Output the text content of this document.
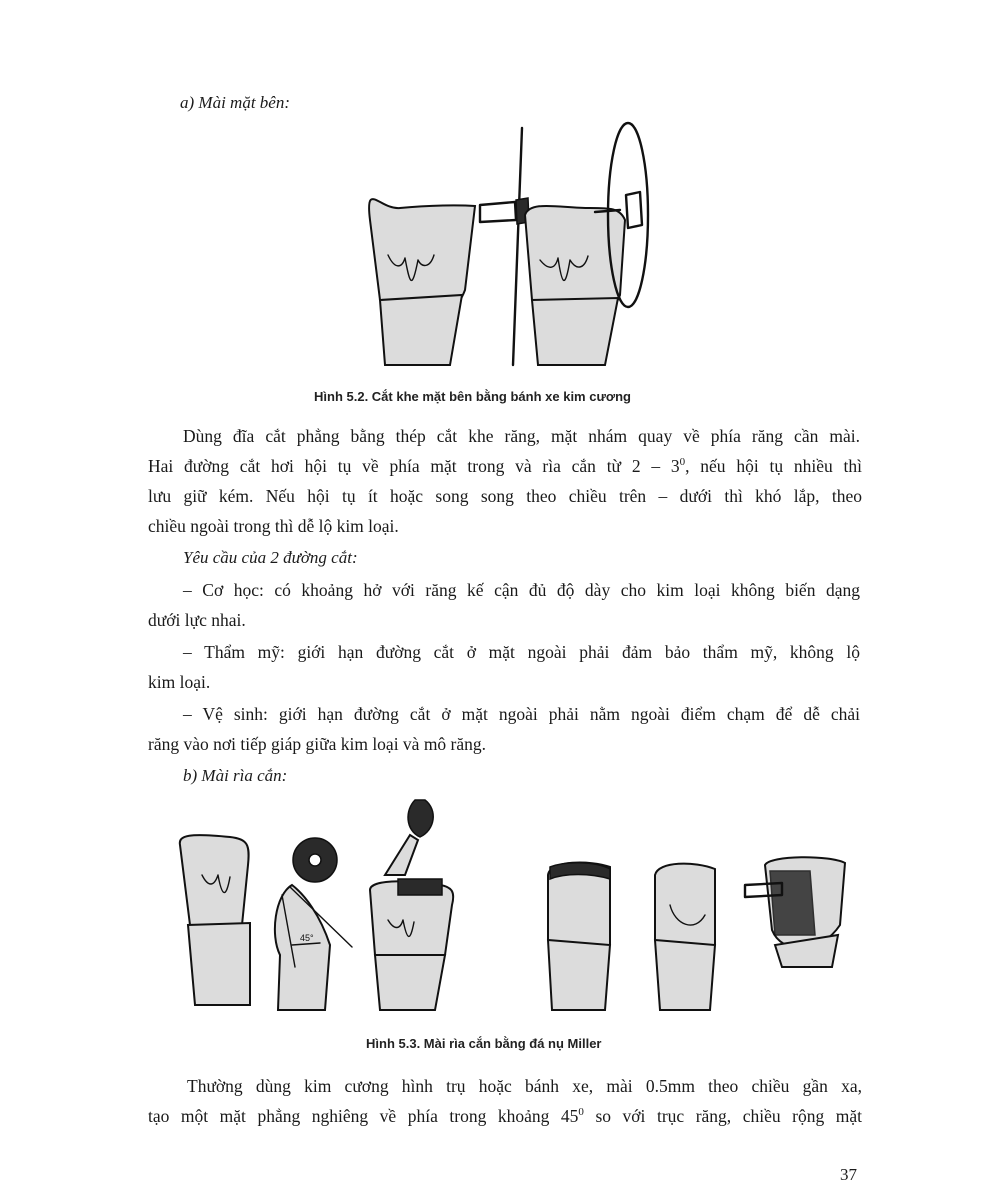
a) Mài mặt bên:
Hình 5.2. Cắt khe mặt bên bằng bánh xe kim cương
Dùng đĩa cắt phẳng bằng thép cắt khe răng, mặt nhám quay về phía răng cần mài.
Hai đường cắt hơi hội tụ về phía mặt trong và rìa cắn từ $2 - 3^0$, nếu hội tụ nhiều thì
lưu giữ kém. Nếu hội tụ ít hoặc song song theo chiều trên – dưới thì khó lắp, theo
chiều ngoài trong thì dễ lộ kim loại.
Yêu cầu của 2 đường cắt:
– Cơ học: có khoảng hở với răng kế cận đủ độ dày cho kim loại không biến dạng
dưới lực nhai.
– Thẩm mỹ: giới hạn đường cắt ở mặt ngoài phải đảm bảo thẩm mỹ, không lộ
kim loại.
– Vệ sinh: giới hạn đường cắt ở mặt ngoài phải nằm ngoài điểm chạm để dễ chải
răng vào nơi tiếp giáp giữa kim loại và mô răng.
b) Mài rìa cắn:
45°
Hình 5.3. Mài rìa cắn bằng đá nụ Miller
Thường dùng kim cương hình trụ hoặc bánh xe, mài 0.5mm theo chiều gần xa,
tạo một mặt phẳng nghiêng về phía trong khoảng $45^0$ so với trục răng, chiều rộng mặt
37
